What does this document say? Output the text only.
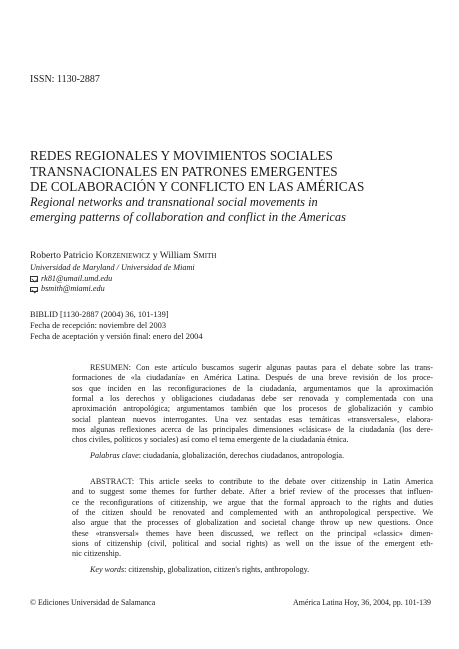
ISSN: 1130-2887
REDES REGIONALES Y MOVIMIENTOS SOCIALES
TRANSNACIONALES EN PATRONES EMERGENTES
DE COLABORACIÓN Y CONFLICTO EN LAS AMÉRICAS
Regional networks and transnational social movements in
emerging patterns of collaboration and conflict in the Americas
Roberto Patricio Korzeniewicz y William Smith
Universidad de Maryland / Universidad de Miami
rk81@umail.umd.edu
bsmith@miami.edu
BIBLID [1130-2887 (2004) 36, 101-139]
Fecha de recepción: noviembre del 2003
Fecha de aceptación y versión final: enero del 2004
RESUMEN: Con este artículo buscamos sugerir algunas pautas para el debate sobre las trans-
formaciones de «la ciudadanía» en América Latina. Después de una breve revisión de los proce-
sos que inciden en las reconfiguraciones de la ciudadanía, argumentamos que la aproximación
formal a los derechos y obligaciones ciudadanas debe ser renovada y complementada con una
aproximación antropológica; argumentamos también que los procesos de globalización y cambio
social plantean nuevos interrogantes. Una vez sentadas esas temáticas «transversales», elabora-
mos algunas reflexiones acerca de las principales dimensiones «clásicas» de la ciudadanía (los dere-
chos civiles, políticos y sociales) así como el tema emergente de la ciudadanía étnica.
Palabras clave: ciudadanía, globalización, derechos ciudadanos, antropología.
ABSTRACT: This article seeks to contribute to the debate over citizenship in Latin America
and to suggest some themes for further debate. After a brief review of the processes that influen-
ce the reconfigurations of citizenship, we argue that the formal approach to the rights and duties
of the citizen should be renovated and complemented with an anthropological perspective. We
also argue that the processes of globalization and societal change throw up new questions. Once
these «transversal» themes have been discussed, we reflect on the principal «classic» dimen-
sions of citizenship (civil, political and social rights) as well on the issue of the emergent eth-
nic citizenship.
Key words: citizenship, globalization, citizen's rights, anthropology.
© Ediciones Universidad de Salamanca	América Latina Hoy, 36, 2004, pp. 101-139
